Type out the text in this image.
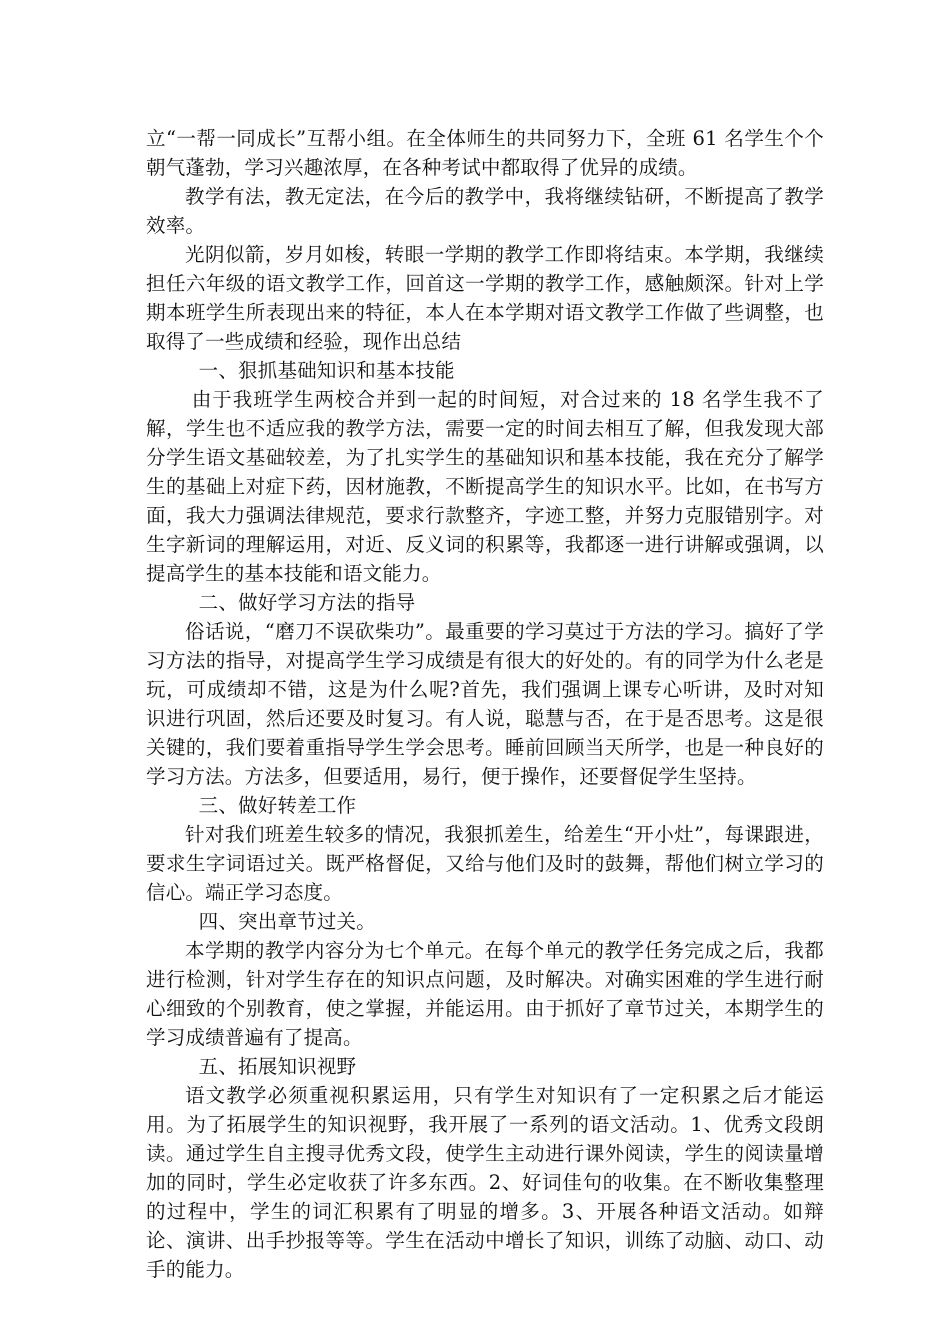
立“一帮一同成长”互帮小组。在全体师生的共同努力下，全班 61 名学生个个朝气蓬勃，学习兴趣浓厚，在各种考试中都取得了优异的成绩。

教学有法，教无定法，在今后的教学中，我将继续钻研，不断提高了教学效率。

光阴似箭，岁月如梭，转眼一学期的教学工作即将结束。本学期，我继续担任六年级的语文教学工作，回首这一学期的教学工作，感触颇深。针对上学期本班学生所表现出来的特征，本人在本学期对语文教学工作做了些调整，也取得了一些成绩和经验，现作出总结

一、狠抓基础知识和基本技能

由于我班学生两校合并到一起的时间短，对合过来的 18 名学生我不了解，学生也不适应我的教学方法，需要一定的时间去相互了解，但我发现大部分学生语文基础较差，为了扎实学生的基础知识和基本技能，我在充分了解学生的基础上对症下药，因材施教，不断提高学生的知识水平。比如，在书写方面，我大力强调法律规范，要求行款整齐，字迹工整，并努力克服错别字。对生字新词的理解运用，对近、反义词的积累等，我都逐一进行讲解或强调，以提高学生的基本技能和语文能力。

二、做好学习方法的指导

俗话说，“磨刀不误砍柴功”。最重要的学习莫过于方法的学习。搞好了学习方法的指导，对提高学生学习成绩是有很大的好处的。有的同学为什么老是玩，可成绩却不错，这是为什么呢?首先，我们强调上课专心听讲，及时对知识进行巩固，然后还要及时复习。有人说，聪慧与否，在于是否思考。这是很关键的，我们要着重指导学生学会思考。睡前回顾当天所学，也是一种良好的学习方法。方法多，但要适用，易行，便于操作，还要督促学生坚持。

三、做好转差工作

针对我们班差生较多的情况，我狠抓差生，给差生“开小灶”，每课跟进，要求生字词语过关。既严格督促，又给与他们及时的鼓舞，帮他们树立学习的信心。端正学习态度。

四、突出章节过关。

本学期的教学内容分为七个单元。在每个单元的教学任务完成之后，我都进行检测，针对学生存在的知识点问题，及时解决。对确实困难的学生进行耐心细致的个别教育，使之掌握，并能运用。由于抓好了章节过关，本期学生的学习成绩普遍有了提高。

五、拓展知识视野

语文教学必须重视积累运用，只有学生对知识有了一定积累之后才能运用。为了拓展学生的知识视野，我开展了一系列的语文活动。1、优秀文段朗读。通过学生自主搜寻优秀文段，使学生主动进行课外阅读，学生的阅读量增加的同时，学生必定收获了许多东西。2、好词佳句的收集。在不断收集整理的过程中，学生的词汇积累有了明显的增多。3、开展各种语文活动。如辩论、演讲、出手抄报等等。学生在活动中增长了知识，训练了动脑、动口、动手的能力。
